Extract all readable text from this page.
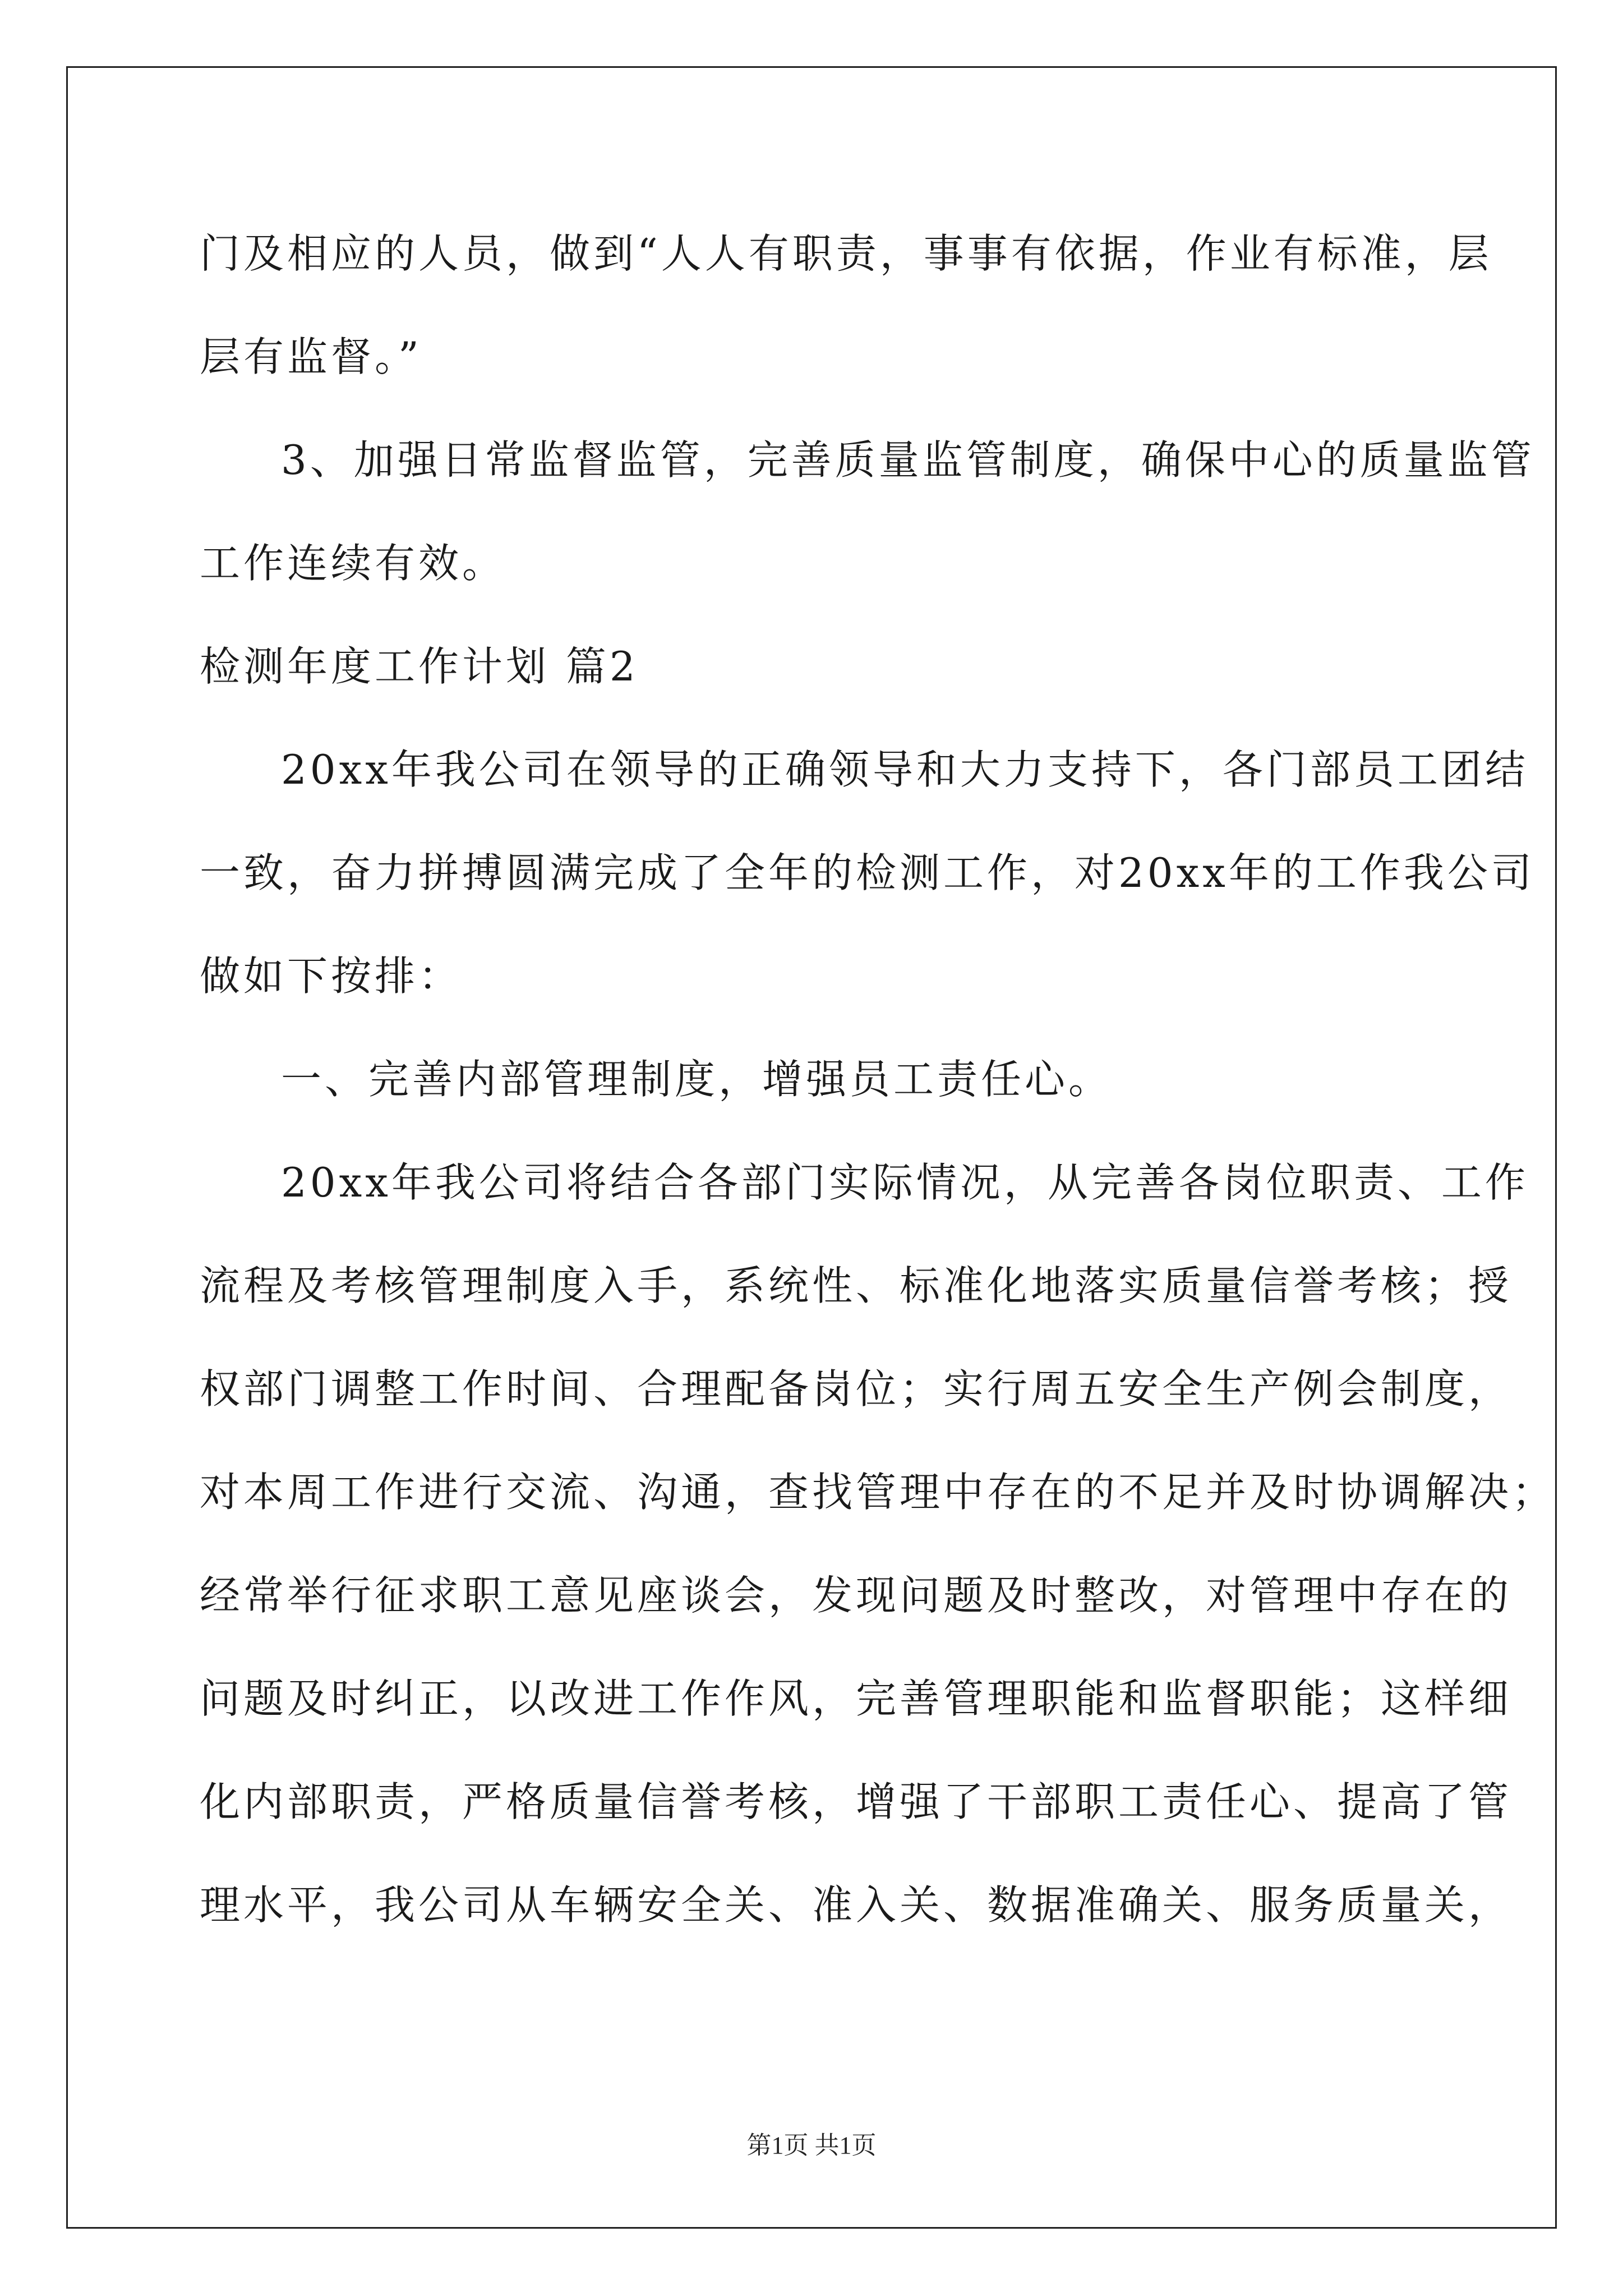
门及相应的人员，做到“人人有职责，事事有依据，作业有标准，层
层有监督。”
3、加强日常监督监管，完善质量监管制度，确保中心的质量监管
工作连续有效。
检测年度工作计划 篇2
20xx年我公司在领导的正确领导和大力支持下，各门部员工团结
一致，奋力拼搏圆满完成了全年的检测工作，对20xx年的工作我公司
做如下按排：
一、完善内部管理制度，增强员工责任心。
20xx年我公司将结合各部门实际情况，从完善各岗位职责、工作
流程及考核管理制度入手，系统性、标准化地落实质量信誉考核；授
权部门调整工作时间、合理配备岗位；实行周五安全生产例会制度，
对本周工作进行交流、沟通，查找管理中存在的不足并及时协调解决；
经常举行征求职工意见座谈会，发现问题及时整改，对管理中存在的
问题及时纠正，以改进工作作风，完善管理职能和监督职能；这样细
化内部职责，严格质量信誉考核，增强了干部职工责任心、提高了管
理水平，我公司从车辆安全关、准入关、数据准确关、服务质量关，
第1页 共1页
